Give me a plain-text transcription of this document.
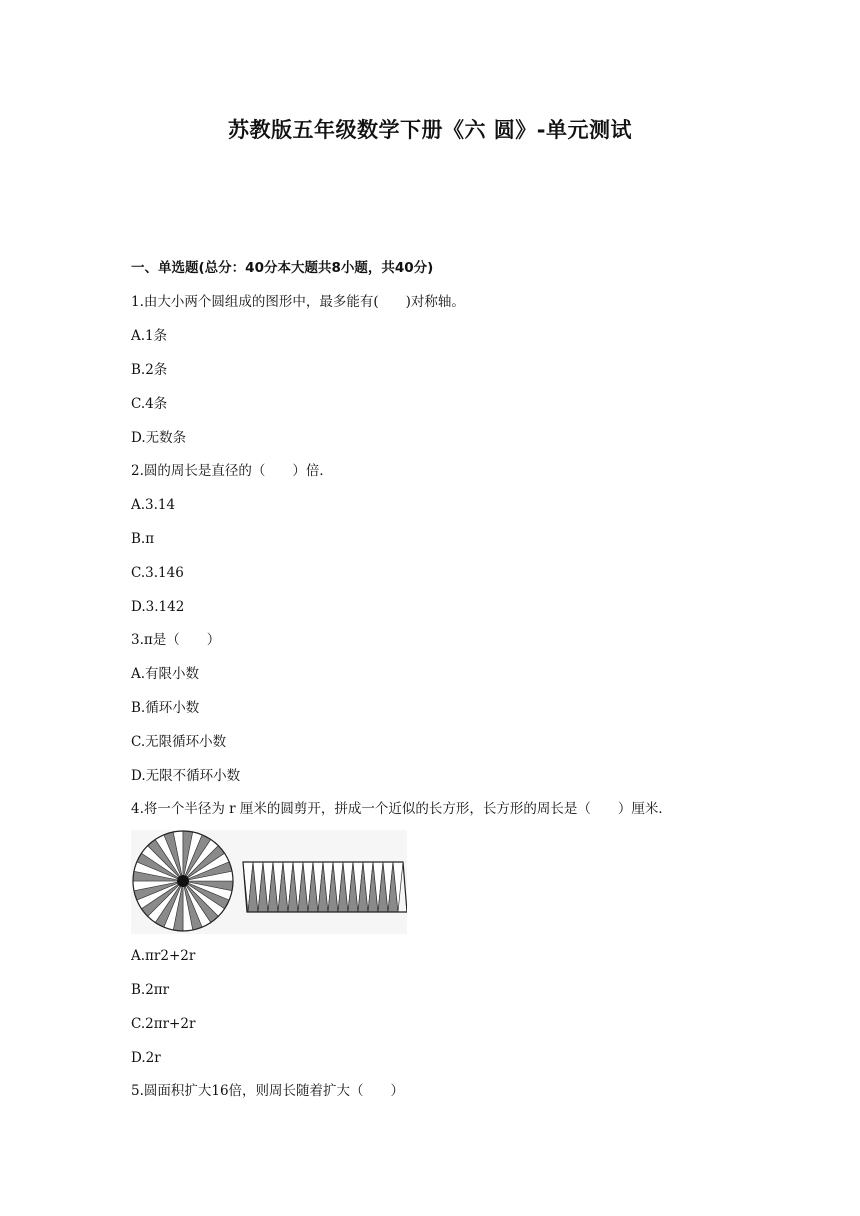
苏教版五年级数学下册《六 圆》-单元测试
一、单选题(总分：40分本大题共8小题，共40分)
1.由大小两个圆组成的图形中，最多能有(　　)对称轴。
A.1条
B.2条
C.4条
D.无数条
2.圆的周长是直径的（　　）倍．
A.3.14
B.π
C.3.146
D.3.142
3.π是（　　）
A.有限小数
B.循环小数
C.无限循环小数
D.无限不循环小数
4.将一个半径为 r 厘米的圆剪开，拼成一个近似的长方形，长方形的周长是（　　）厘米．
A.πr2+2r
B.2πr
C.2πr+2r
D.2r
5.圆面积扩大16倍，则周长随着扩大（　　）
